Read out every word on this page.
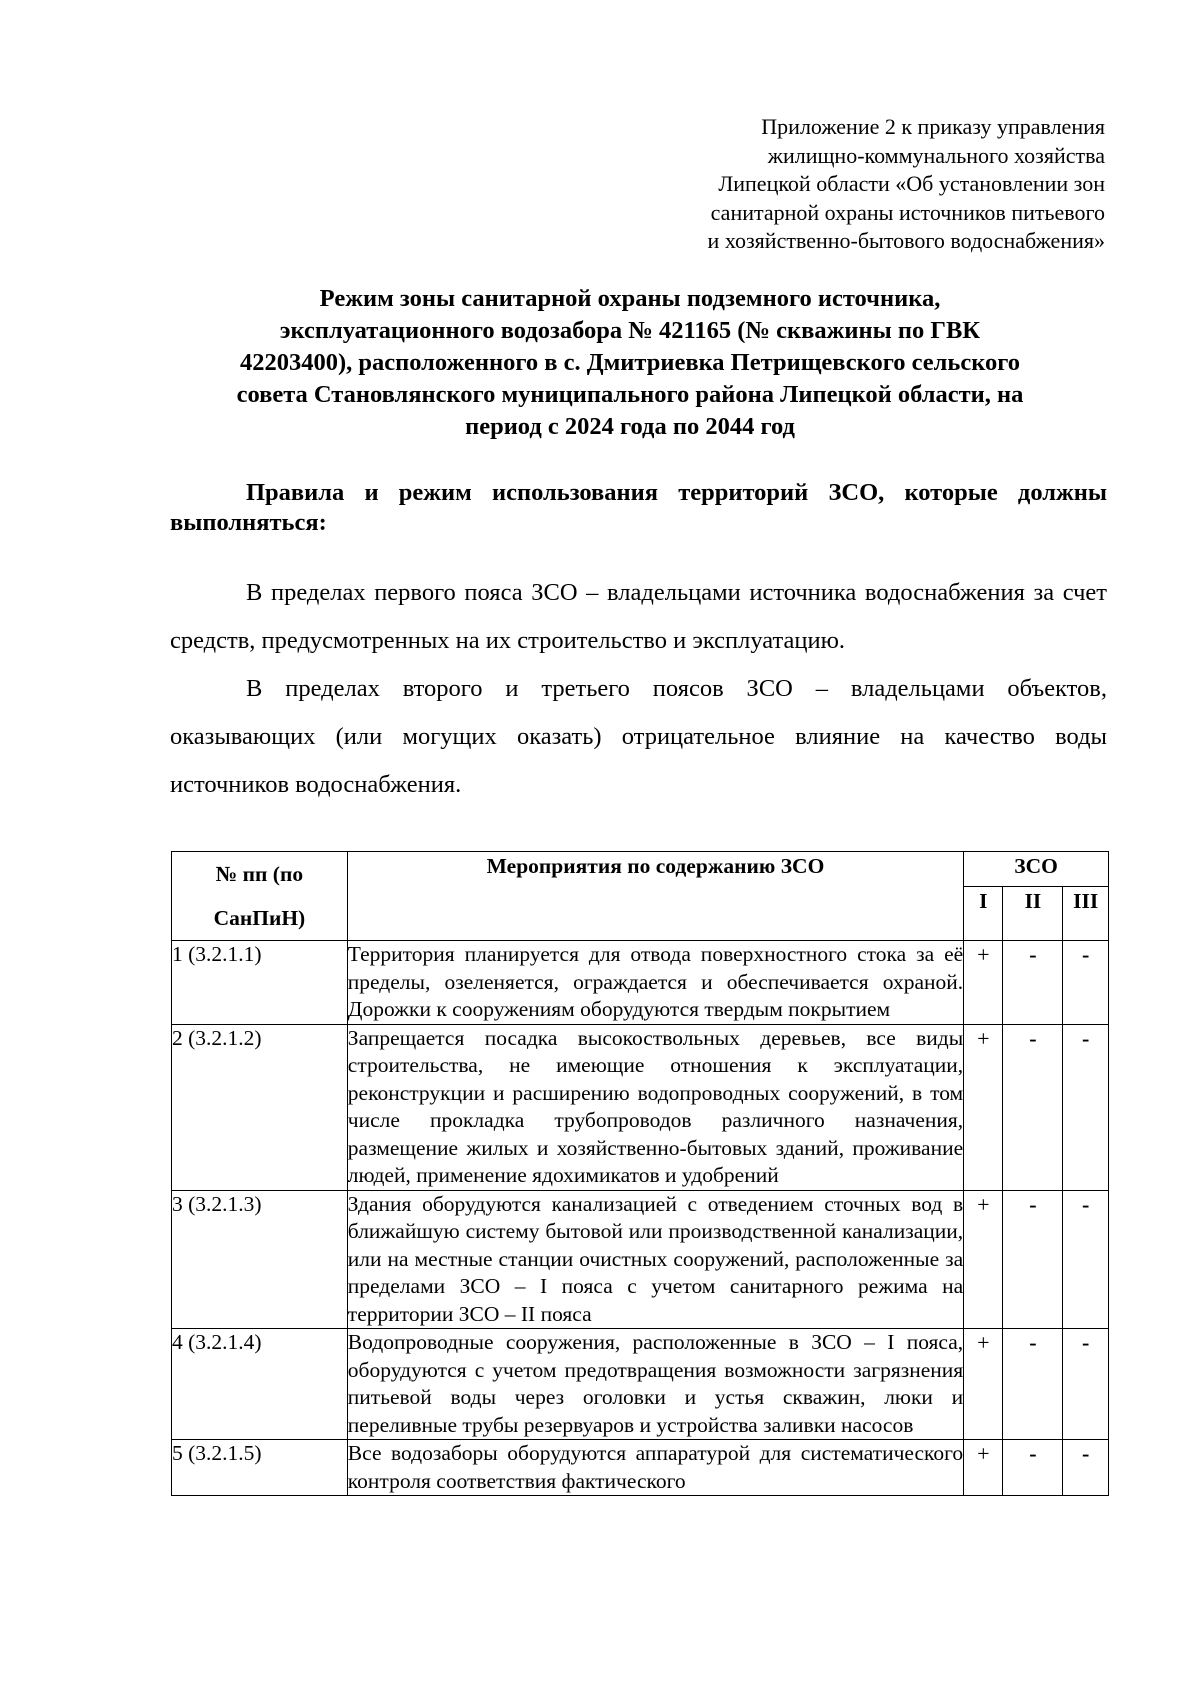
Приложение 2 к приказу управления
жилищно-коммунального хозяйства
Липецкой области «Об установлении зон
санитарной охраны источников питьевого
и хозяйственно-бытового водоснабжения»
Режим зоны санитарной охраны подземного источника,
эксплуатационного водозабора № 421165 (№ скважины по ГВК
42203400), расположенного в с. Дмитриевка Петрищевского сельского
совета Становлянского муниципального района Липецкой области, на
период с 2024 года по 2044 год
Правила и режим использования территорий ЗСО, которые должны выполняться:
В пределах первого пояса ЗСО – владельцами источника водоснабжения за счет средств, предусмотренных на их строительство и эксплуатацию.
В пределах второго и третьего поясов ЗСО – владельцами объектов, оказывающих (или могущих оказать) отрицательное влияние на качество воды источников водоснабжения.
№ пп (по
СанПиН)	Мероприятия по содержанию ЗСО	ЗСО		
		I	II	III
1 (3.2.1.1)	Территория планируется для отвода поверхностного стока за её пределы, озеленяется, ограждается и обеспечивается охраной. Дорожки к сооружениям оборудуются твердым покрытием	+	-	-
2 (3.2.1.2)	Запрещается посадка высокоствольных деревьев, все виды строительства, не имеющие отношения к эксплуатации, реконструкции и расширению водопроводных сооружений, в том числе прокладка трубопроводов различного назначения, размещение жилых и хозяйственно-бытовых зданий, проживание людей, применение ядохимикатов и удобрений	+	-	-
3 (3.2.1.3)	Здания оборудуются канализацией с отведением сточных вод в ближайшую систему бытовой или производственной канализации, или на местные станции очистных сооружений, расположенные за пределами ЗСО – I пояса с учетом санитарного режима на территории ЗСО – II пояса	+	-	-
4 (3.2.1.4)	Водопроводные сооружения, расположенные в ЗСО – I пояса, оборудуются с учетом предотвращения возможности загрязнения питьевой воды через оголовки и устья скважин, люки и переливные трубы резервуаров и устройства заливки насосов	+	-	-
5 (3.2.1.5)	Все водозаборы оборудуются аппаратурой для систематического контроля соответствия фактического	+	-	-
